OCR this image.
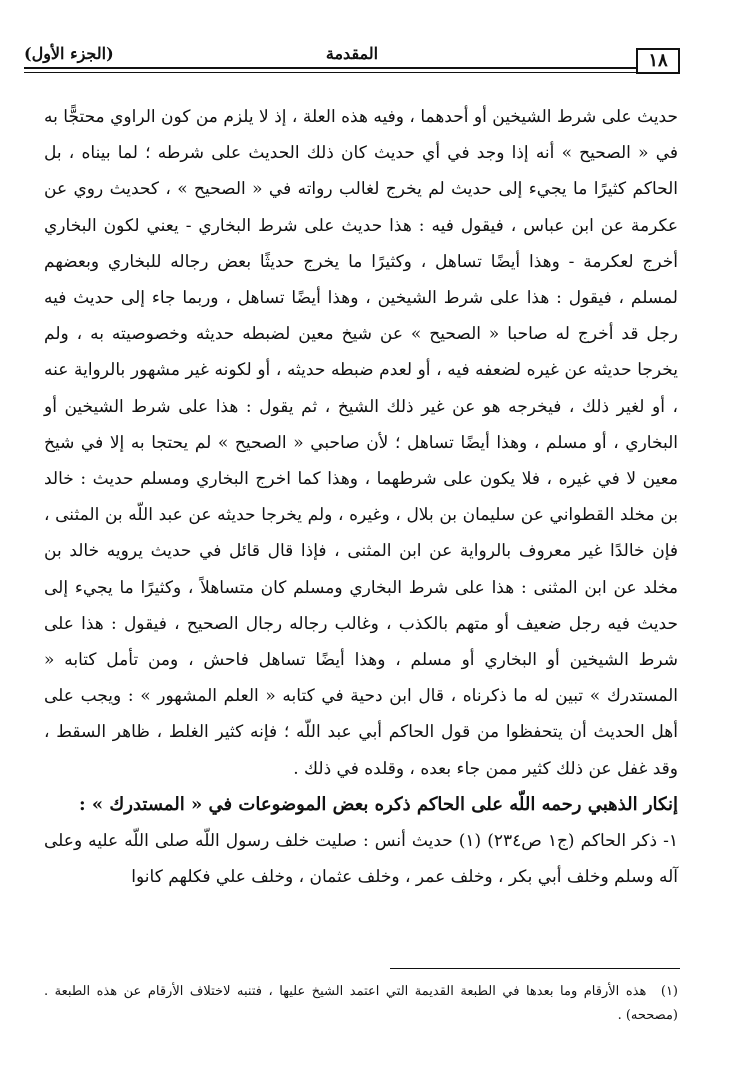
١٨
المقدمة
(الجزء الأول)

حديث على شرط الشيخين أو أحدهما ، وفيه هذه العلة ، إذ لا يلزم من كون الراوي محتجًّا به في « الصحيح » أنه إذا وجد في أي حديث كان ذلك الحديث على شرطه ؛ لما بيناه ، بل الحاكم كثيرًا ما يجيء إلى حديث لم يخرج لغالب رواته في « الصحيح » ، كحديث روي عن عكرمة عن ابن عباس ، فيقول فيه : هذا حديث على شرط البخاري - يعني لكون البخاري أخرج لعكرمة - وهذا أيضًا تساهل ، وكثيرًا ما يخرج حديثًا بعض رجاله للبخاري وبعضهم لمسلم ، فيقول : هذا على شرط الشيخين ، وهذا أيضًا تساهل ، وربما جاء إلى حديث فيه رجل قد أخرج له صاحبا « الصحيح » عن شيخ معين لضبطه حديثه وخصوصيته به ، ولم يخرجا حديثه عن غيره لضعفه فيه ، أو لعدم ضبطه حديثه ، أو لكونه غير مشهور بالرواية عنه ، أو لغير ذلك ، فيخرجه هو عن غير ذلك الشيخ ، ثم يقول : هذا على شرط الشيخين أو البخاري ، أو مسلم ، وهذا أيضًا تساهل ؛ لأن صاحبي « الصحيح » لم يحتجا به إلا في شيخ معين لا في غيره ، فلا يكون على شرطهما ، وهذا كما اخرج البخاري ومسلم حديث : خالد بن مخلد القطواني عن سليمان بن بلال ، وغيره ، ولم يخرجا حديثه عن عبد اللّه بن المثنى ، فإن خالدًا غير معروف بالرواية عن ابن المثنى ، فإذا قال قائل في حديث يرويه خالد بن مخلد عن ابن المثنى : هذا على شرط البخاري ومسلم كان متساهلاً ، وكثيرًا ما يجيء إلى حديث فيه رجل ضعيف أو متهم بالكذب ، وغالب رجاله رجال الصحيح ، فيقول : هذا على شرط الشيخين أو البخاري أو مسلم ، وهذا أيضًا تساهل فاحش ، ومن تأمل كتابه « المستدرك » تبين له ما ذكرناه ، قال ابن دحية في كتابه « العلم المشهور » : ويجب على أهل الحديث أن يتحفظوا من قول الحاكم أبي عبد اللّه ؛ فإنه كثير الغلط ، ظاهر السقط ، وقد غفل عن ذلك كثير ممن جاء بعده ، وقلده في ذلك .

إنكار الذهبي رحمه اللّه على الحاكم ذكره بعض الموضوعات في « المستدرك » :

١- ذكر الحاكم (ج١ ص٢٣٤) (١) حديث أنس : صليت خلف رسول اللّه صلى اللّه عليه وعلى آله وسلم وخلف أبي بكر ، وخلف عمر ، وخلف عثمان ، وخلف علي فكلهم كانوا

(١) هذه الأرقام وما بعدها في الطبعة القديمة التي اعتمد الشيخ عليها ، فتنبه لاختلاف الأرقام عن هذه الطبعة . (مصححه) .
